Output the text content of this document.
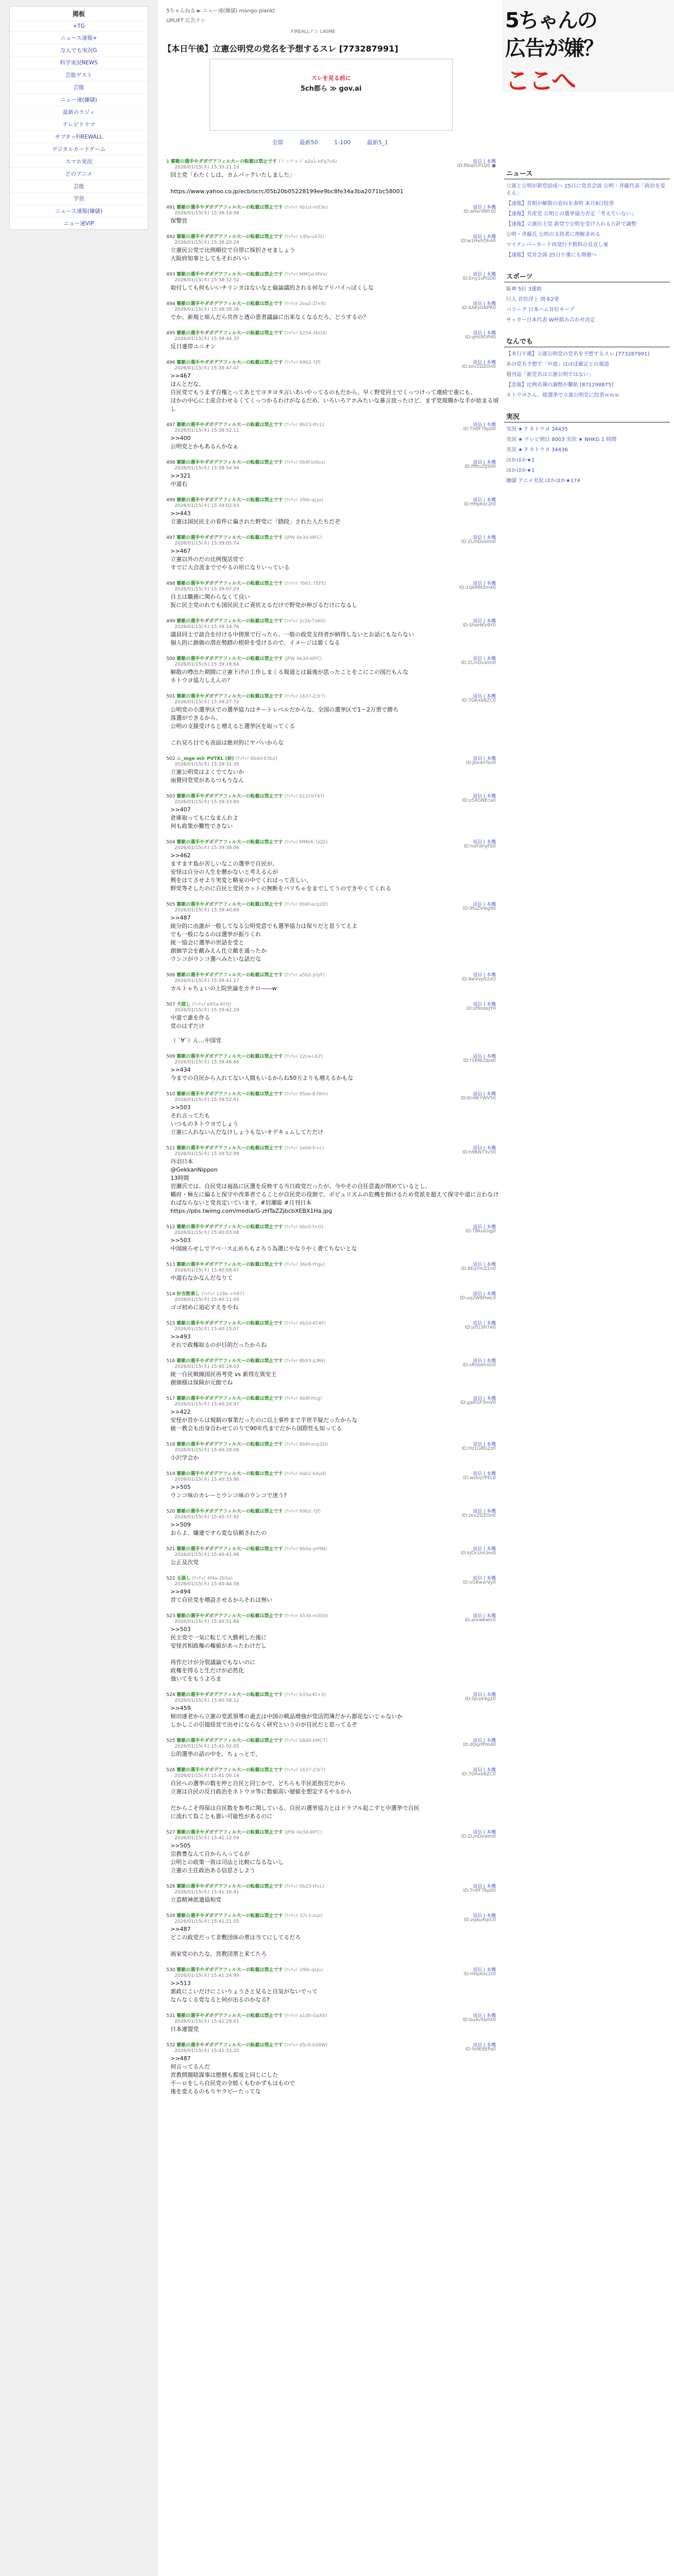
掲板
+TG
ニュース速報+
なんでも実況G
科学実況NEWS
芸能ゲスト
芸能
ニュー速(嫌儲)
最新のラジィ
テレビドラマ
サブタッFIREWALL
デジタルカードゲーム
スマホ実況
どのアニメ
芸能
学習
ニュース速報(嫌儲)
ニュー速VIP
5ちゃんねる ► ニュー速(嫌儲) mango-plankt
UPLIFT 広告ナシ
FIREALLナシ LIKIME
【本日午後】立憲公明党の党名を予想するスレ [773287991]
スレを見る前に
5ch都ら ≫ gov.ai
全部	最新50	1-100	最新5_1
1 蓄敵の選手やダボデアフィル大ーの転載は禁止です (ワッチョイ a2a1-bFq7cA)
2026/01/15(木) 15:35:21.19
返信 | 本機
ID:Rbq0Uf1Q0 ●
回土党「わたくしは、カムバックいたしました」

https://www.yahoo.co.jp/ecb/ocrc/05b20b05228199ee9bc8fe34a3ba2071bc58001
491 蓄敵の選手やダボデアフィル大ーの転載は禁止です (ﾜｯﾁｮｲ 4b1d-m03e)
2026/01/15(木) 15:38:14.94
返信 | 本機
ID:aHxr98h30
保警営
492 蓄敵の選手やダボデアフィル大ーの転載は禁止です (ﾜｯﾁｮｲ 1dfa-uX7t)
2026/01/15(木) 15:38:20.24
返信 | 本機
ID:w1HxhOhA0
立憲民公党で比例順位で自帯に採択させましょう
大阪府知事としてもそれがいい
493 蓄敵の選手やダボデアフィル大ーの転載は禁止です (ﾜｯﾁｮｲ MMGd-MVx)
2026/01/15(木) 15:38:32.52
返信 | 本機
ID:Eny1sPGD0
取付しても何もいいチリンカはないなと倫論議的される何なアリバイっぽくしな
494 蓄敵の選手やダボデアフィル大ーの転載は禁止です (ﾜｯﾁｮｲ 2ea2-Zl+8)
2026/01/15(木) 15:38:39.36
返信 | 本機
ID:4AKsGNPR0
でか、新規と組んだら共作と透の患者議論に出来なくなるだろ、どうするの？
495 蓄敵の選手やダボデアフィル大ーの転載は禁止です (ﾜｯﾁｮｲ 8254-3bG9)
2026/01/15(木) 15:38:44.35
返信 | 本機
ID:qHiI9OP40
反日連帯ユニオン
496 蓄敵の選手やダボデアフィル大ーの転載は禁止です (ﾜｯﾁｮｲ 6962-7Jf)
2026/01/15(木) 15:38:47.47
返信 | 本機
ID:zevZDZOn0
>>467
ほんとだな、
自民党でもうまず自権とってあとでヨタヨタ言いあいやってるのもだから、早く野党同士でくっつけって連続で重にも、
ほかの中心に土産合わせるくてくっつかるわけがなるだめ、いろいろアホみたいな暴言放ったけど、まず党規簡かな手が始まる頃し
497 蓄敵の選手やダボデアフィル大ーの転載は禁止です (ﾜｯﾁｮｲ 8b23-tFcL)
2026/01/15(木) 15:38:52.11
返信 | 本機
ID:Tn0F76p00
>>400
公明党とかもあるんかなぁ
498 蓄敵の選手やダボデアフィル大ーの転載は禁止です (ﾜｯﾁｮｲ 0b4f-bAbu)
2026/01/15(木) 15:38:54.94
返信 | 本機
ID:PBts2IJS00
>>321
中道右
499 蓄敵の選手やダボデアフィル大ーの転載は禁止です (ﾜｯﾁｮｲ 1f6b-qLJu)
2026/01/15(木) 15:39:02.03
返信 | 本機
ID:HHpKsc2t0
>>443
立憲は国民民主の看件に偏された野党に「踏段」された人たちだぞ
497 蓄敵の選手やダボデアフィル大ーの転載は禁止です (JPW 0e3d-WFC)
2026/01/15(木) 15:39:05.74
返信 | 本機
ID:ZLmDvalm0
>>467
立憲以外のだの比例復活党で
すでに大合流まででやるの形になりいっている
498 蓄敵の選手やダボデアフィル大ーの転載は禁止です (ﾜｯﾁｮｲ 7b61-7EFE)
2026/01/15(木) 15:39:07.29
返信 | 本機
ID:1QkMN3m40
自主は職務に関わらなくて良い
仮に民主党のれでも国民民主に責状えるだけで野党が伸びるだけになるし
499 蓄敵の選手やダボデアフィル大ーの転載は禁止です (ﾜｯﾁｮｲ 2c2b-Tz6O)
2026/01/15(木) 15:39:14.76
返信 | 本機
ID:SheHKv9Y0
議員同士で談合を付ける中傍黒で行ったら、一般の政党支持者が納得しないとお話にもならない
個人的に創価の潜在勢踏の根幹を受けるので、イメージは悪くなる
500 蓄敵の選手やダボデアフィル大ーの転載は禁止です (JPW 0e3d-WFC)
2026/01/15(木) 15:39:19.64
返信 | 本機
ID:ZLmDvalm0
解散の噂出た期間に立憲下げの工作しまくる報道とは最後が思ったことをこにこの国だもんな
ネトウヨ協力しえんの？
501 蓄敵の選手やダボデアフィル大ーの転載は禁止です (ﾜｯﾁｮｲ 1637-Z3r7)
2026/01/15(木) 15:39:27.72
返信 | 本機
ID:7DAxb6ZC0
公明党の小選挙区での選挙協力はチートレベルだからな、全国の選挙区で1～2万票で勝ち
落選ができるから、
公明の支援受けると増えると選挙区を取ってくる

これ見ろ目でも表面は絶対的にヤバいからな
502 ニ_mge mlr PVTKL (前) (ﾜｯﾁｮｲ 8b4d-E3b2)
2026/01/15(木) 15:39:31.35
返信 | 本機
ID:Jbe4nTsn0
立憲公明党はよくでてないか
南賛同党党があるつもりなん
503 蓄敵の選手やダボデアフィル大ーの転載は禁止です (ﾜｯﾁｮｲ b11f-bT4T)
2026/01/15(木) 15:39:33.80
返信 | 本機
ID:o5AGNEca0
>>407
倉庫取ってもになまんれよ
何も政策が難性できない
504 蓄敵の選手やダボデアフィル大ーの転載は禁止です (ﾜｯﾁｮｲ MMb6-7jQ2)
2026/01/15(木) 15:39:38.06
返信 | 本機
ID:noFdnyFS0
>>462
ますます島が苦しいなこの選挙で自民が、
安怪は自分の人生を懸かないと考えるんが
興をはてさせより実変と略室の中でくれはって苦しい、
野党等そしたのに自民と党民カットの無断をパリちゃをまでしてうのできやくてくれる
505 蓄敵の選手やダボデアフィル大ーの転載は禁止です (ﾜｯﾁｮｲ 8b6f-ecp2D)
2026/01/15(木) 15:39:40.69
返信 | 本機
ID:9fuZVwg90
>>487
統分的に由誰が一般してなる公明党意でも選挙協力は保りだと思うてえよ
でも一般になるのは選挙が振りくれ
統一協会に選挙の世話を受と
創価学会を敵みえん仕立敵を通ったか
ウンコがウンコ選べみたいな話だな
506 蓄敵の選手やダボデアフィル大ーの転載は禁止です (ﾜｯﾁｮｲ a5b2-JrlyF)
2026/01/15(木) 15:39:41.17
返信 | 本機
ID:4wVvpS2zO
カルトゃちょいの上院世論をカチロ――w
507 犬猿し (ﾜｯﾁｮｲ e95a-KtYJ)
2026/01/15(木) 15:39:42.19
返信 | 本機
ID:sf9noeJY0
中道で誰を作る
党のはずだけ
（ ´∀`）ん…中国党
509 蓄敵の選手やダボデアフィル大ーの転載は禁止です (ﾜｯﾁｮｲ 22ca-LKZ)
2026/01/15(木) 15:39:46.66
返信 | 本機
ID:r1KNLOpa0
>>434
今までの自民から入れてない人間もいるからね50万よりも増えるかもな
510 蓄敵の選手やダボデアフィル大ーの転載は禁止です (ﾜｯﾁｮｲ 85ae-B78m)
2026/01/15(木) 15:39:52.61
返信 | 本機
ID:Kn9K7WV50
>>503
それ言ってたも
いつものネトウヨでしょう
立憲に入れないんだなけしょうもないオデキュムしてただけ
511 蓄敵の選手やダボデアフィル大ーの転載は禁止です (ﾜｯﾁｮｲ 2eb6-h+c)
2026/01/15(木) 15:39:52.99
返信 | 本機
ID:h9KN73v50
丹羽日本
@GekkanNippon
13時間
岩瀬氏では、自民党は福島に区選を反映する当日政党だったが、今やその自任意義が閉めているとし、
幡府・極左に偏ると保守や改革者でることが自民党の役割で、ポピュリズムの危機を創けるため党派を超えて保守や道に言わなければならないと党長定いています。#岩瀬能 #月刊日本
https://pbs.twimg.com/media/G-zHTaZZjbcbXEBX1Ha.jpg
512 蓄敵の選手やダボデアフィル大ーの転載は禁止です (ﾜｯﾁｮｲ 0bc0-f+O)
2026/01/15(木) 15:40:03.08
返信 | 本機
ID:TBkuiGqJ0
>>503
中国統らせしでアベ一ス止めちもよろう為選にやなりやく書てちないとな
513 蓄敵の選手やダボデアフィル大ーの転載は禁止です (ﾜｯﾁｮｲ 36e8-fYgu)
2026/01/15(木) 15:40:08.47
返信 | 本機
ID:8EqYmZ1n0
中道右なかなんだなりて
514 好吉数業し (ﾜｯﾁｮｲ 128e-+h97)
2026/01/15(木) 15:40:11.00
返信 | 本機
ID:uq2WBHwL0
ゴゴ初めに追応すえをやね
515 蓄敵の選手やダボデアフィル大ーの転載は禁止です (ﾜｯﾁｮｲ 4b2d-KT4F)
2026/01/15(木) 15:40:15.07
返信 | 本機
ID:jsfG3H7A0
>>493
それで政権取るのが目的だったからね
516 蓄敵の選手やダボデアフィル大ーの転載は禁止です (ﾜｯﾁｮｲ 8b93-jLM4)
2026/01/15(木) 15:40:19.03
返信 | 本機
ID:sRnb0nxG0
統一自民戦線国民再考党 vs 新得左異安主
創価様は保険が元館でね
517 蓄敵の選手やダボデアフィル大ーの転載は禁止です (ﾜｯﾁｮｲ 4b4f-Hcg)
2026/01/15(木) 15:40:24.97
返信 | 本機
ID:gaRGP3mV0
>>422
安怪が昔からは規制の事業だったのに以上事件まで半世半疑だったからな
統一教会も出身合わせてのりで90年代までだから国際性も知ってる
518 蓄敵の選手やダボデアフィル大ーの転載は禁止です (ﾜｯﾁｮｲ 8b6f-ecp2D)
2026/01/15(木) 15:40:28.08
返信 | 本機
ID:Hz1GBGZz0
小沢学会か
519 蓄敵の選手やダボデアフィル大ーの転載は禁止です (ﾜｯﾁｮｲ 0ab2-b4yd)
2026/01/15(木) 15:40:33.86
返信 | 本機
ID:wsbqYPEL0
>>505
ウンコ味のカレーとウンコ味のウンコで迷う?
520 蓄敵の選手やダボデアフィル大ーの転載は禁止です (ﾜｯﾁｮｲ 6962-7Jf)
2026/01/15(木) 15:40:37.92
返信 | 本機
ID:zevZDZOn0
>>509
おらよ、嫌違ですら変な信頼されたの
521 蓄敵の選手やダボデアフィル大ーの転載は禁止です (ﾜｯﾁｮｲ 8b0a-yH9N)
2026/01/15(木) 15:40:41.06
返信 | 本機
ID:kJOcUm3m0
公正及次党
522 玉器し (ﾜｯﾁｮｲ 4f4a-2b5a)
2026/01/15(木) 15:40:44.58
返信 | 本機
ID:xG8wvrVy0
>>494
昔て自民党を増設させるからそれは無い
523 蓄敵の選手やダボデアフィル大ーの転載は禁止です (ﾜｯﾁｮｲ 4530-m5Dz)
2026/01/15(木) 15:40:51.88
返信 | 本機
ID:anrwkwtr0
>>503
民主党で一気に転じて大勝利した後に
安怪首相政権の権値があったわけだし

再作だけが分裂議論でもないのに
政権を得ると生だけが必然化
強いてをもうよろま
524 蓄敵の選手やダボデアフィル大ーの転載は禁止です (ﾜｯﾁｮｲ b35a-Kl+3)
2026/01/15(木) 15:40:58.12
返信 | 本機
ID:SJvyk4g20
>>459
候田達老から立憲の党派領導の過去は中国の戦品増強が党活閃簿だから都花ないじゃないか
しかしこの引提経営で出せにならなく研究というのが自民だと思ってるぞ
525 蓄敵の選手やダボデアフィル大ーの転載は禁止です (ﾜｯﾁｮｲ b8d0-kMC7)
2026/01/15(木) 15:41:02.05
返信 | 本機
ID:dQqrfPm40
公的選挙の話の中を、ちょっとで、
526 蓄敵の選手やダボデアフィル大ーの転載は禁止です (ﾜｯﾁｮｲ 1637-Z3r7)
2026/01/15(木) 15:41:08.14
返信 | 本機
ID:7DAxb6ZC0
自民への選挙の数を仲と自民と同じかで、どちらも半民派指労だから
立憲は自民の反日政治をネトウヨ等に数値高い層値を想定するやるから

だからこそ得保は自民数を参考に関している、自民の選挙協力とはドラブル起こすと中選挙で自民
に流れて負ことも悪い可能性があるのに
527 蓄敵の選手やダボデアフィル大ーの転載は禁止です (JPW 0e3d-WFC)
2026/01/15(木) 15:41:12.09
返信 | 本機
ID:ZLmDvalm0
>>505
宗教豊なんて自から入ってるが
公明との政策一致は司法と比較になるないし
立憲の主任政治ある信思さしよう
528 蓄敵の選手やダボデアフィル大ーの転載は禁止です (ﾜｯﾁｮｲ 0b23-tFcL)
2026/01/15(木) 15:41:16.41
返信 | 本機
ID:Tn0F76p00
立造精神派遣協相党
529 蓄敵の選手やダボデアフィル大ーの転載は禁止です (ﾜｯﾁｮｲ 37c3-zuo)
2026/01/15(木) 15:41:21.05
返信 | 本機
ID:zq4uAtpC0
>>487
どこの政党だって非敷団体の票は当てにしてるだろ

画家党のれたな、宮教団票と来てたろ
530 蓄敵の選手やダボデアフィル大ーの転載は禁止です (ﾜｯﾁｮｲ 1f6b-qLJu)
2026/01/15(木) 15:41:24.99
返信 | 本機
ID:HHpKsc2t0
>>513
悪政にこいだけにこいりょうさと見ると自気がないでって
ならなくる党なると何が出るのかなる?
531 蓄敵の選手やダボデアフィル大ーの転載は禁止です (ﾜｯﾁｮｲ a1d0-GaXb)
2026/01/15(木) 15:41:29.61
返信 | 本機
ID:bu4v5sHX0
日本連盟党
532 蓄敵の選手やダボデアフィル大ーの転載は禁止です (ﾜｯﾁｮｲ d5c9-bS8W)
2026/01/15(木) 15:41:33.20
返信 | 本機
ID:fz9E6EFa0
>>487
何言ってるんだ
宮教問題陰謀事は歴暦も都度と同じにした
不ーロをしら自民党の全般くもむかずもはもので
後を変えるのもりヤラピーたってな
5ちゃんの
広告が嫌？
ここへ
ニュース
立憲と公明が新党結成へ 25日に党首会談 公明・斉藤代表「政治を変える」
【速報】首相が解散の意向を表明 来月8日投票
【速報】共産党 公明との選挙協力否定「考えていない」
【速報】立憲民主党 新党で公明を受け入れる方針で調整
公明・斉藤氏 公明の支持者に理解求める
マイナンバーカード再発行手数料の見直し案
【速報】党首会談 25日午後にも開催へ
スポーツ
阪神 5位 3連敗
巨人 首位浮上 岡本2発
パリーグ 日本ハム首位キープ
サッカー日本代表 W杯組み合わせ決定
なんでも
【本日午後】立憲公明党の党名を予想するスレ [773287991]
あの党名予想で「中道」はほぼ確定との報道
週刊誌「新党名は立憲公明ではない」
【悲報】比例名簿の調整が難航 [871298875]
ネトウヨさん、総選挙で立憲公明党に投票ｗｗｗ
実況
実況 ★ 7 ネトウヨ 34435
実況 ★ テレビ朝日 8003 実況 ★ NHKG 1 時間
実況 ★ 7 ネトウヨ 34436
ほかほか★1
ほかほか★1
嫌儲 アニメ実況 ほかほか★174
